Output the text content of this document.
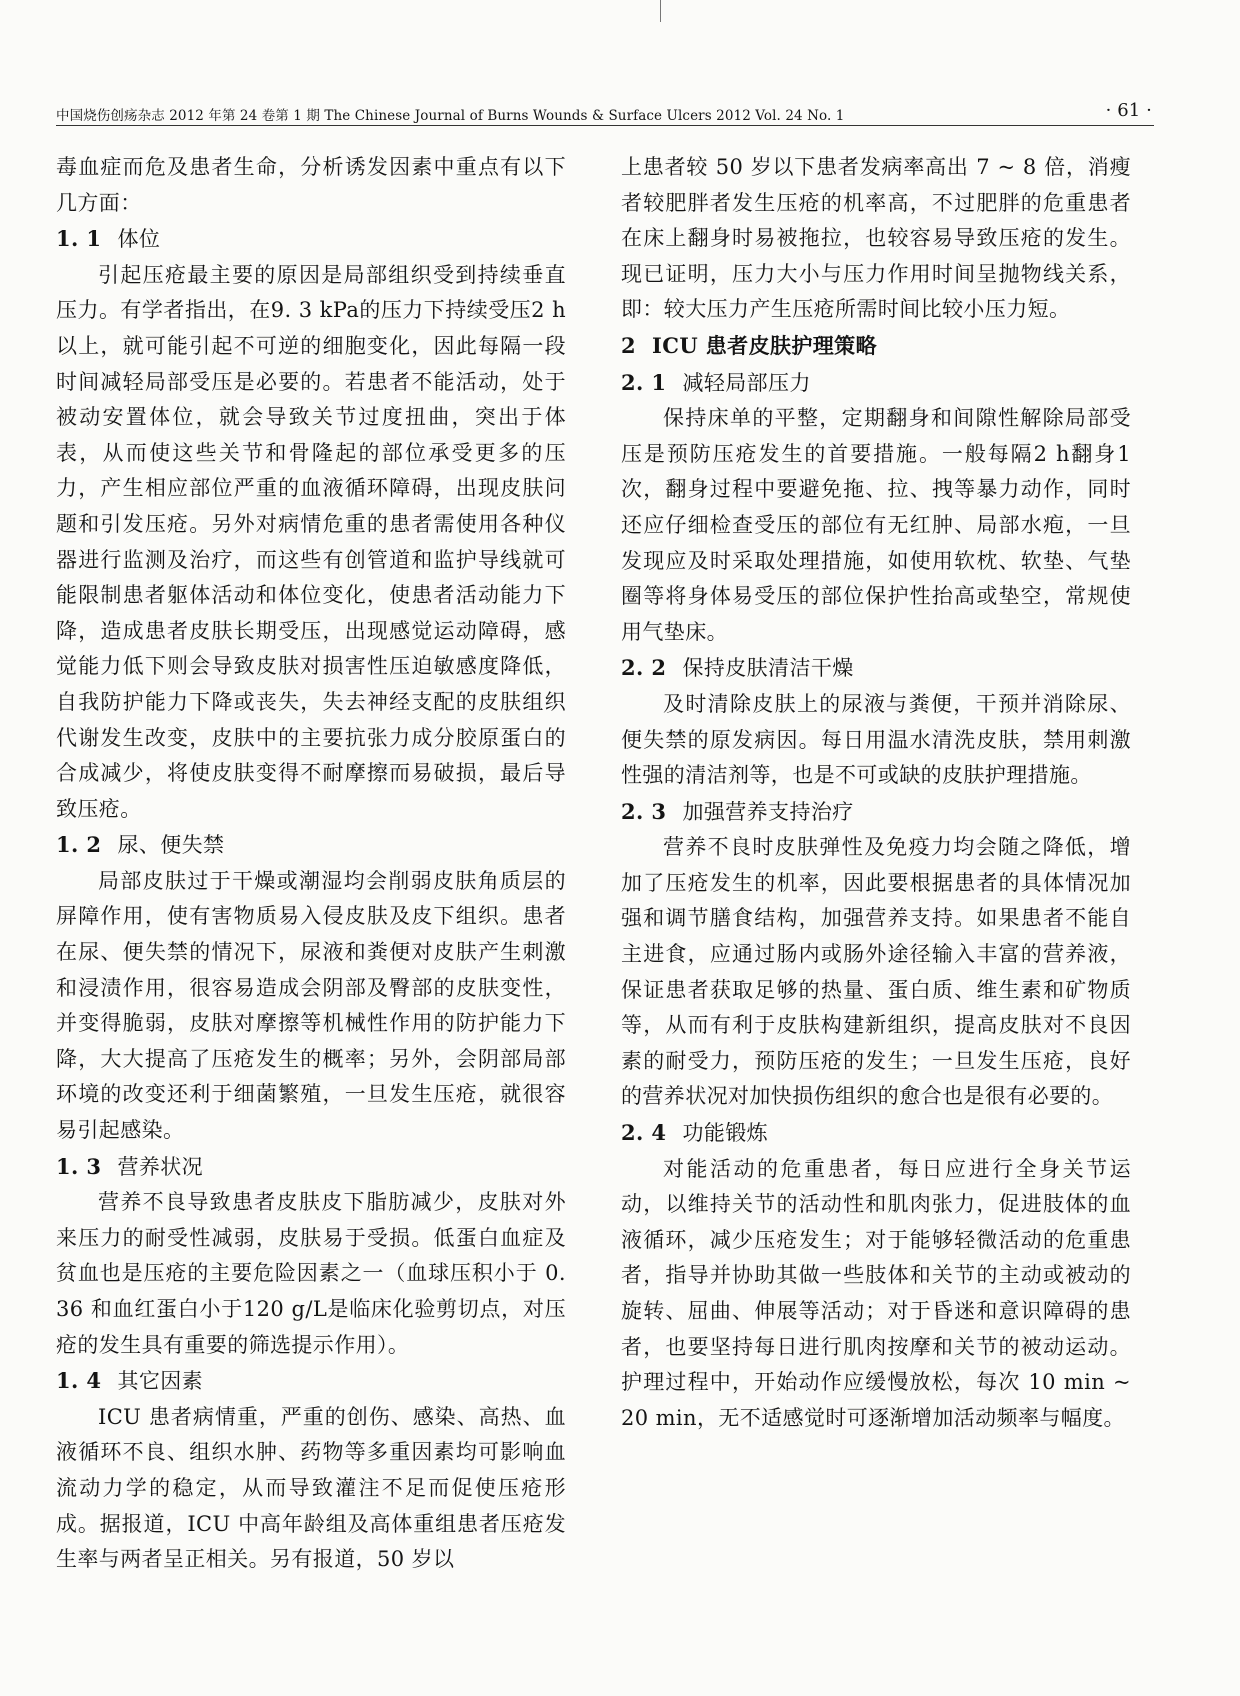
中国烧伤创疡杂志 2012 年第 24 卷第 1 期 The Chinese Journal of Burns Wounds & Surface Ulcers 2012 Vol. 24 No. 1	· 61 ·

毒血症而危及患者生命，分析诱发因素中重点有以下几方面：

1. 1 体位

引起压疮最主要的原因是局部组织受到持续垂直压力。有学者指出，在9. 3 kPa的压力下持续受压2 h以上，就可能引起不可逆的细胞变化，因此每隔一段时间减轻局部受压是必要的。若患者不能活动，处于被动安置体位，就会导致关节过度扭曲，突出于体表，从而使这些关节和骨隆起的部位承受更多的压力，产生相应部位严重的血液循环障碍，出现皮肤问题和引发压疮。另外对病情危重的患者需使用各种仪器进行监测及治疗，而这些有创管道和监护导线就可能限制患者躯体活动和体位变化，使患者活动能力下降，造成患者皮肤长期受压，出现感觉运动障碍，感觉能力低下则会导致皮肤对损害性压迫敏感度降低，自我防护能力下降或丧失，失去神经支配的皮肤组织代谢发生改变，皮肤中的主要抗张力成分胶原蛋白的合成减少，将使皮肤变得不耐摩擦而易破损，最后导致压疮。

1. 2 尿、便失禁

局部皮肤过于干燥或潮湿均会削弱皮肤角质层的屏障作用，使有害物质易入侵皮肤及皮下组织。患者在尿、便失禁的情况下，尿液和粪便对皮肤产生刺激和浸渍作用，很容易造成会阴部及臀部的皮肤变性，并变得脆弱，皮肤对摩擦等机械性作用的防护能力下降，大大提高了压疮发生的概率；另外，会阴部局部环境的改变还利于细菌繁殖，一旦发生压疮，就很容易引起感染。

1. 3 营养状况

营养不良导致患者皮肤皮下脂肪减少，皮肤对外来压力的耐受性减弱，皮肤易于受损。低蛋白血症及贫血也是压疮的主要危险因素之一（血球压积小于 0. 36 和血红蛋白小于120 g/L是临床化验剪切点，对压疮的发生具有重要的筛选提示作用）。

1. 4 其它因素

ICU 患者病情重，严重的创伤、感染、高热、血液循环不良、组织水肿、药物等多重因素均可影响血流动力学的稳定，从而导致灌注不足而促使压疮形成。据报道，ICU 中高年龄组及高体重组患者压疮发生率与两者呈正相关。另有报道，50 岁以

上患者较 50 岁以下患者发病率高出 7 ~ 8 倍，消瘦者较肥胖者发生压疮的机率高，不过肥胖的危重患者在床上翻身时易被拖拉，也较容易导致压疮的发生。现已证明，压力大小与压力作用时间呈抛物线关系，即：较大压力产生压疮所需时间比较小压力短。

2 ICU 患者皮肤护理策略

2. 1 减轻局部压力

保持床单的平整，定期翻身和间隙性解除局部受压是预防压疮发生的首要措施。一般每隔2 h翻身1 次，翻身过程中要避免拖、拉、拽等暴力动作，同时还应仔细检查受压的部位有无红肿、局部水疱，一旦发现应及时采取处理措施，如使用软枕、软垫、气垫圈等将身体易受压的部位保护性抬高或垫空，常规使用气垫床。

2. 2 保持皮肤清洁干燥

及时清除皮肤上的尿液与粪便，干预并消除尿、便失禁的原发病因。每日用温水清洗皮肤，禁用刺激性强的清洁剂等，也是不可或缺的皮肤护理措施。

2. 3 加强营养支持治疗

营养不良时皮肤弹性及免疫力均会随之降低，增加了压疮发生的机率，因此要根据患者的具体情况加强和调节膳食结构，加强营养支持。如果患者不能自主进食，应通过肠内或肠外途径输入丰富的营养液，保证患者获取足够的热量、蛋白质、维生素和矿物质等，从而有利于皮肤构建新组织，提高皮肤对不良因素的耐受力，预防压疮的发生；一旦发生压疮，良好的营养状况对加快损伤组织的愈合也是很有必要的。

2. 4 功能锻炼

对能活动的危重患者，每日应进行全身关节运动，以维持关节的活动性和肌肉张力，促进肢体的血液循环，减少压疮发生；对于能够轻微活动的危重患者，指导并协助其做一些肢体和关节的主动或被动的旋转、屈曲、伸展等活动；对于昏迷和意识障碍的患者，也要坚持每日进行肌肉按摩和关节的被动运动。护理过程中，开始动作应缓慢放松，每次 10 min ~ 20 min，无不适感觉时可逐渐增加活动频率与幅度。
